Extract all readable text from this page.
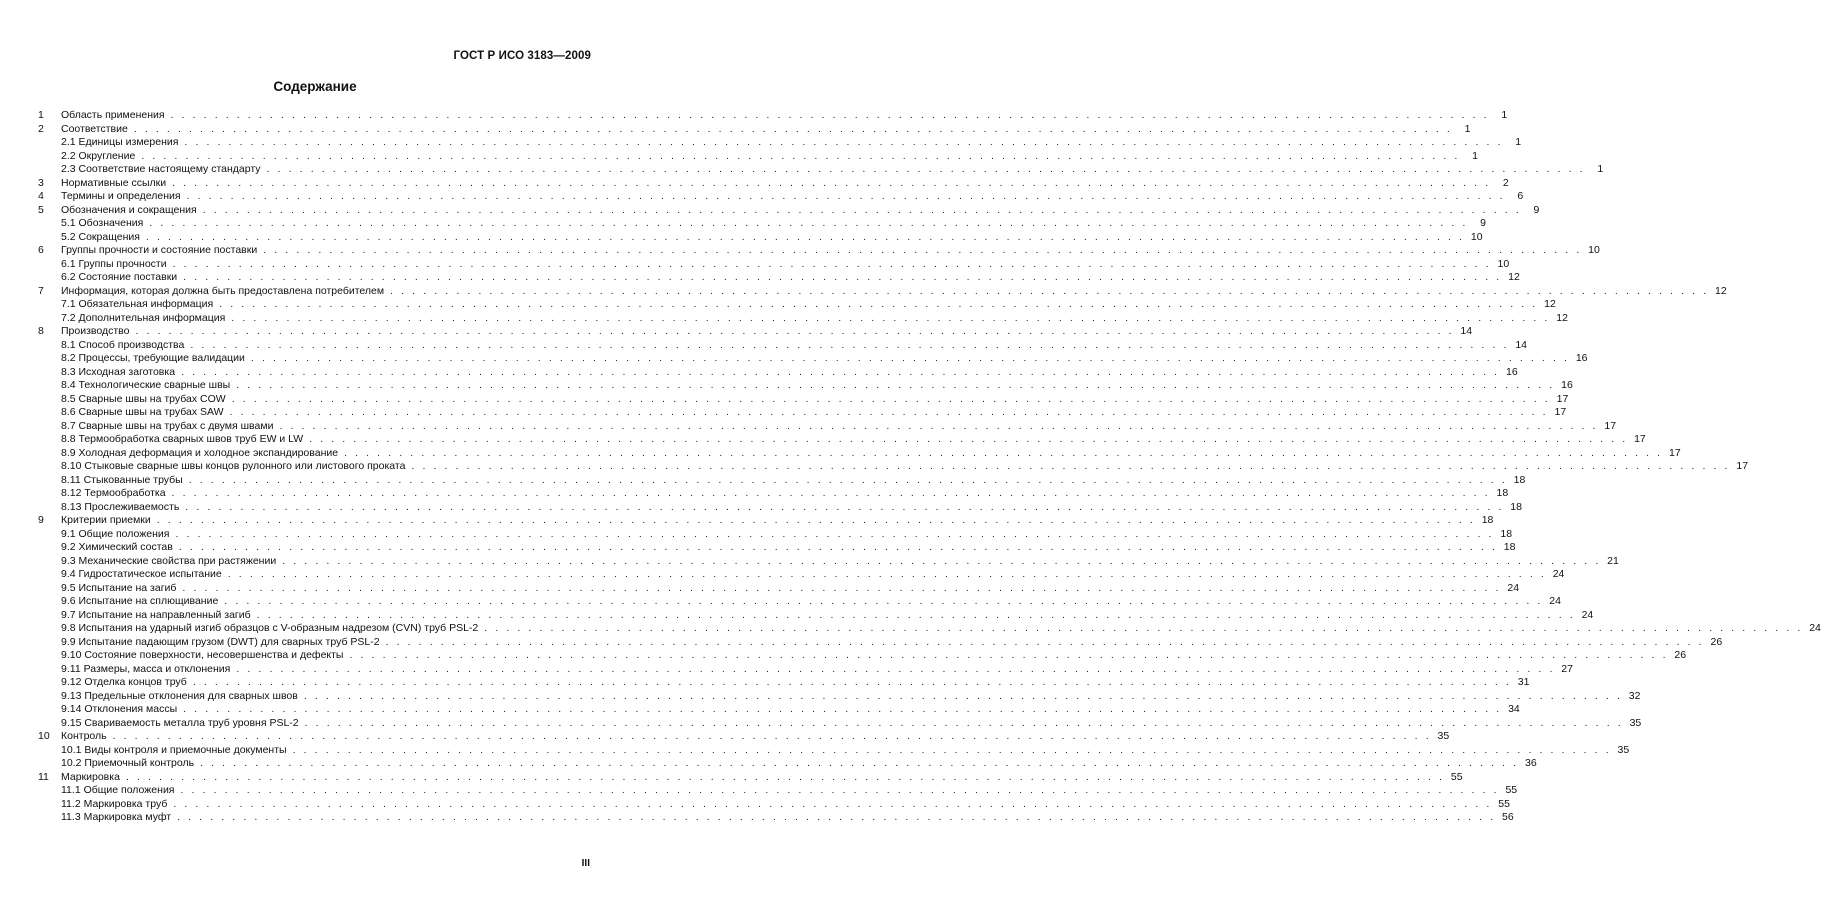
ГОСТ Р ИСО 3183—2009
Содержание
1	Область применения . . . . . . . . . . . . . . . . . . . . . . . . . . . . . . . . . . . . . . . . . . . . . . . . . . . . . . . . . . . . . . . . . . . . . . . . . . . . . . . . . . . . . . . . . . . . . . . . . . . . . . . . . . . . . . . . . . . . . . . .	1
2	Соответствие . . . . . . . . . . . . . . . . . . . . . . . . . . . . . . . . . . . . . . . . . . . . . . . . . . . . . . . . . . . . . . . . . . . . . . . . . . . . . . . . . . . . . . . . . . . . . . . . . . . . . . . . . . . . . . . . . . . . . . . .	1
2.1 Единицы измерения . . . . . . . . . . . . . . . . . . . . . . . . . . . . . . . . . . . . . . . . . . . . . . . . . . . . . . . . . . . . . . . . . . . . . . . . . . . . . . . . . . . . . . . . . . . . . . . . . . . . . . . . . . . . . . . . . . . . . . . .	1
2.2 Округление . . . . . . . . . . . . . . . . . . . . . . . . . . . . . . . . . . . . . . . . . . . . . . . . . . . . . . . . . . . . . . . . . . . . . . . . . . . . . . . . . . . . . . . . . . . . . . . . . . . . . . . . . . . . . . . . . . . . . . . .	1
2.3 Соответствие настоящему стандарту . . . . . . . . . . . . . . . . . . . . . . . . . . . . . . . . . . . . . . . . . . . . . . . . . . . . . . . . . . . . . . . . . . . . . . . . . . . . . . . . . . . . . . . . . . . . . . . . . . . . . . . . . . . . . . . . . . . . . . . .	1
3	Нормативные ссылки . . . . . . . . . . . . . . . . . . . . . . . . . . . . . . . . . . . . . . . . . . . . . . . . . . . . . . . . . . . . . . . . . . . . . . . . . . . . . . . . . . . . . . . . . . . . . . . . . . . . . . . . . . . . . . . . . . . . . . . .	2
4	Термины и определения . . . . . . . . . . . . . . . . . . . . . . . . . . . . . . . . . . . . . . . . . . . . . . . . . . . . . . . . . . . . . . . . . . . . . . . . . . . . . . . . . . . . . . . . . . . . . . . . . . . . . . . . . . . . . . . . . . . . . . . .	6
5	Обозначения и сокращения . . . . . . . . . . . . . . . . . . . . . . . . . . . . . . . . . . . . . . . . . . . . . . . . . . . . . . . . . . . . . . . . . . . . . . . . . . . . . . . . . . . . . . . . . . . . . . . . . . . . . . . . . . . . . . . . . . . . . . . .	9
5.1 Обозначения . . . . . . . . . . . . . . . . . . . . . . . . . . . . . . . . . . . . . . . . . . . . . . . . . . . . . . . . . . . . . . . . . . . . . . . . . . . . . . . . . . . . . . . . . . . . . . . . . . . . . . . . . . . . . . . . . . . . . . . .	9
5.2 Сокращения . . . . . . . . . . . . . . . . . . . . . . . . . . . . . . . . . . . . . . . . . . . . . . . . . . . . . . . . . . . . . . . . . . . . . . . . . . . . . . . . . . . . . . . . . . . . . . . . . . . . . . . . . . . . . . . . . . . . . . . . 10
6	Группы прочности и состояние поставки . . . . . . . . . . . . . . . . . . . . . . . . . . . . . . . . . . . . . . . . . . . . . . . . . . . . . . . . . . . . . . . . . . . . . . . . . . . . . . . . . . . . . . . . . . . . . . . . . . . . . . . . . . . . . . . . . . . . . . . . 10
6.1 Группы прочности . . . . . . . . . . . . . . . . . . . . . . . . . . . . . . . . . . . . . . . . . . . . . . . . . . . . . . . . . . . . . . . . . . . . . . . . . . . . . . . . . . . . . . . . . . . . . . . . . . . . . . . . . . . . . . . . . . . . . . . . 10
6.2 Состояние поставки . . . . . . . . . . . . . . . . . . . . . . . . . . . . . . . . . . . . . . . . . . . . . . . . . . . . . . . . . . . . . . . . . . . . . . . . . . . . . . . . . . . . . . . . . . . . . . . . . . . . . . . . . . . . . . . . . . . . . . . . 12
7	Информация, которая должна быть предоставлена потребителем . . . . . . . . . . . . . . . . . . . . . . . . . . . . . . . . . . . . . . . . . . . . . . . . . . . . . . . . . . . . . . . . . . . . . . . . . . . . . . . . . . . . . . . . . . . . . . . . . . . . . . . . . . . . . . . . . . . . . . . . 12
7.1 Обязательная информация . . . . . . . . . . . . . . . . . . . . . . . . . . . . . . . . . . . . . . . . . . . . . . . . . . . . . . . . . . . . . . . . . . . . . . . . . . . . . . . . . . . . . . . . . . . . . . . . . . . . . . . . . . . . . . . . . . . . . . . . 12
7.2 Дополнительная информация . . . . . . . . . . . . . . . . . . . . . . . . . . . . . . . . . . . . . . . . . . . . . . . . . . . . . . . . . . . . . . . . . . . . . . . . . . . . . . . . . . . . . . . . . . . . . . . . . . . . . . . . . . . . . . . . . . . . . . . . 12
8	Производство . . . . . . . . . . . . . . . . . . . . . . . . . . . . . . . . . . . . . . . . . . . . . . . . . . . . . . . . . . . . . . . . . . . . . . . . . . . . . . . . . . . . . . . . . . . . . . . . . . . . . . . . . . . . . . . . . . . . . . . . 14
8.1 Способ производства . . . . . . . . . . . . . . . . . . . . . . . . . . . . . . . . . . . . . . . . . . . . . . . . . . . . . . . . . . . . . . . . . . . . . . . . . . . . . . . . . . . . . . . . . . . . . . . . . . . . . . . . . . . . . . . . . . . . . . . . 14
8.2 Процессы, требующие валидации . . . . . . . . . . . . . . . . . . . . . . . . . . . . . . . . . . . . . . . . . . . . . . . . . . . . . . . . . . . . . . . . . . . . . . . . . . . . . . . . . . . . . . . . . . . . . . . . . . . . . . . . . . . . . . . . . . . . . . . . 16
8.3 Исходная заготовка . . . . . . . . . . . . . . . . . . . . . . . . . . . . . . . . . . . . . . . . . . . . . . . . . . . . . . . . . . . . . . . . . . . . . . . . . . . . . . . . . . . . . . . . . . . . . . . . . . . . . . . . . . . . . . . . . . . . . . . . 16
8.4 Технологические сварные швы . . . . . . . . . . . . . . . . . . . . . . . . . . . . . . . . . . . . . . . . . . . . . . . . . . . . . . . . . . . . . . . . . . . . . . . . . . . . . . . . . . . . . . . . . . . . . . . . . . . . . . . . . . . . . . . . . . . . . . . . 16
8.5 Сварные швы на трубах COW . . . . . . . . . . . . . . . . . . . . . . . . . . . . . . . . . . . . . . . . . . . . . . . . . . . . . . . . . . . . . . . . . . . . . . . . . . . . . . . . . . . . . . . . . . . . . . . . . . . . . . . . . . . . . . . . . . . . . . . . 17
8.6 Сварные швы на трубах SAW . . . . . . . . . . . . . . . . . . . . . . . . . . . . . . . . . . . . . . . . . . . . . . . . . . . . . . . . . . . . . . . . . . . . . . . . . . . . . . . . . . . . . . . . . . . . . . . . . . . . . . . . . . . . . . . . . . . . . . . . 17
8.7 Сварные швы на трубах с двумя швами . . . . . . . . . . . . . . . . . . . . . . . . . . . . . . . . . . . . . . . . . . . . . . . . . . . . . . . . . . . . . . . . . . . . . . . . . . . . . . . . . . . . . . . . . . . . . . . . . . . . . . . . . . . . . . . . . . . . . . . . 17
8.8 Термообработка сварных швов труб EW и LW . . . . . . . . . . . . . . . . . . . . . . . . . . . . . . . . . . . . . . . . . . . . . . . . . . . . . . . . . . . . . . . . . . . . . . . . . . . . . . . . . . . . . . . . . . . . . . . . . . . . . . . . . . . . . . . . . . . . . . . . 17
8.9 Холодная деформация и холодное экспандирование . . . . . . . . . . . . . . . . . . . . . . . . . . . . . . . . . . . . . . . . . . . . . . . . . . . . . . . . . . . . . . . . . . . . . . . . . . . . . . . . . . . . . . . . . . . . . . . . . . . . . . . . . . . . . . . . . . . . . . . . 17
8.10 Стыковые сварные швы концов рулонного или листового проката . . . . . . . . . . . . . . . . . . . . . . . . . . . . . . . . . . . . . . . . . . . . . . . . . . . . . . . . . . . . . . . . . . . . . . . . . . . . . . . . . . . . . . . . . . . . . . . . . . . . . . . . . . . . . . . . . . . . . . . . 17
8.11 Стыкованные трубы . . . . . . . . . . . . . . . . . . . . . . . . . . . . . . . . . . . . . . . . . . . . . . . . . . . . . . . . . . . . . . . . . . . . . . . . . . . . . . . . . . . . . . . . . . . . . . . . . . . . . . . . . . . . . . . . . . . . . . . . 18
8.12 Термообработка . . . . . . . . . . . . . . . . . . . . . . . . . . . . . . . . . . . . . . . . . . . . . . . . . . . . . . . . . . . . . . . . . . . . . . . . . . . . . . . . . . . . . . . . . . . . . . . . . . . . . . . . . . . . . . . . . . . . . . . . 18
8.13 Прослеживаемость . . . . . . . . . . . . . . . . . . . . . . . . . . . . . . . . . . . . . . . . . . . . . . . . . . . . . . . . . . . . . . . . . . . . . . . . . . . . . . . . . . . . . . . . . . . . . . . . . . . . . . . . . . . . . . . . . . . . . . . . 18
9	Критерии приемки . . . . . . . . . . . . . . . . . . . . . . . . . . . . . . . . . . . . . . . . . . . . . . . . . . . . . . . . . . . . . . . . . . . . . . . . . . . . . . . . . . . . . . . . . . . . . . . . . . . . . . . . . . . . . . . . . . . . . . . . 18
9.1 Общие положения . . . . . . . . . . . . . . . . . . . . . . . . . . . . . . . . . . . . . . . . . . . . . . . . . . . . . . . . . . . . . . . . . . . . . . . . . . . . . . . . . . . . . . . . . . . . . . . . . . . . . . . . . . . . . . . . . . . . . . . . 18
9.2 Химический состав . . . . . . . . . . . . . . . . . . . . . . . . . . . . . . . . . . . . . . . . . . . . . . . . . . . . . . . . . . . . . . . . . . . . . . . . . . . . . . . . . . . . . . . . . . . . . . . . . . . . . . . . . . . . . . . . . . . . . . . . 18
9.3 Механические свойства при растяжении . . . . . . . . . . . . . . . . . . . . . . . . . . . . . . . . . . . . . . . . . . . . . . . . . . . . . . . . . . . . . . . . . . . . . . . . . . . . . . . . . . . . . . . . . . . . . . . . . . . . . . . . . . . . . . . . . . . . . . . . 21
9.4 Гидростатическое испытание . . . . . . . . . . . . . . . . . . . . . . . . . . . . . . . . . . . . . . . . . . . . . . . . . . . . . . . . . . . . . . . . . . . . . . . . . . . . . . . . . . . . . . . . . . . . . . . . . . . . . . . . . . . . . . . . . . . . . . . . 24
9.5 Испытание на загиб . . . . . . . . . . . . . . . . . . . . . . . . . . . . . . . . . . . . . . . . . . . . . . . . . . . . . . . . . . . . . . . . . . . . . . . . . . . . . . . . . . . . . . . . . . . . . . . . . . . . . . . . . . . . . . . . . . . . . . . . 24
9.6 Испытание на сплющивание . . . . . . . . . . . . . . . . . . . . . . . . . . . . . . . . . . . . . . . . . . . . . . . . . . . . . . . . . . . . . . . . . . . . . . . . . . . . . . . . . . . . . . . . . . . . . . . . . . . . . . . . . . . . . . . . . . . . . . . . 24
9.7 Испытание на направленный загиб . . . . . . . . . . . . . . . . . . . . . . . . . . . . . . . . . . . . . . . . . . . . . . . . . . . . . . . . . . . . . . . . . . . . . . . . . . . . . . . . . . . . . . . . . . . . . . . . . . . . . . . . . . . . . . . . . . . . . . . . 24
9.8 Испытания на ударный изгиб образцов с V-образным надрезом (CVN) труб PSL-2 . . . . . . . . . . . . . . . . . . . . . . . . . . . . . . . . . . . . . . . . . . . . . . . . . . . . . . . . . . . . . . . . . . . . . . . . . . . . . . . . . . . . . . . . . . . . . . . . . . . . . . . . . . . . . . . . . . . . . . . . 24
9.9 Испытание падающим грузом (DWT) для сварных труб PSL-2 . . . . . . . . . . . . . . . . . . . . . . . . . . . . . . . . . . . . . . . . . . . . . . . . . . . . . . . . . . . . . . . . . . . . . . . . . . . . . . . . . . . . . . . . . . . . . . . . . . . . . . . . . . . . . . . . . . . . . . . . 26
9.10 Состояние поверхности, несовершенства и дефекты . . . . . . . . . . . . . . . . . . . . . . . . . . . . . . . . . . . . . . . . . . . . . . . . . . . . . . . . . . . . . . . . . . . . . . . . . . . . . . . . . . . . . . . . . . . . . . . . . . . . . . . . . . . . . . . . . . . . . . . . 26
9.11 Размеры, масса и отклонения . . . . . . . . . . . . . . . . . . . . . . . . . . . . . . . . . . . . . . . . . . . . . . . . . . . . . . . . . . . . . . . . . . . . . . . . . . . . . . . . . . . . . . . . . . . . . . . . . . . . . . . . . . . . . . . . . . . . . . . . 27
9.12 Отделка концов труб . . . . . . . . . . . . . . . . . . . . . . . . . . . . . . . . . . . . . . . . . . . . . . . . . . . . . . . . . . . . . . . . . . . . . . . . . . . . . . . . . . . . . . . . . . . . . . . . . . . . . . . . . . . . . . . . . . . . . . . . 31
9.13 Предельные отклонения для сварных швов . . . . . . . . . . . . . . . . . . . . . . . . . . . . . . . . . . . . . . . . . . . . . . . . . . . . . . . . . . . . . . . . . . . . . . . . . . . . . . . . . . . . . . . . . . . . . . . . . . . . . . . . . . . . . . . . . . . . . . . . 32
9.14 Отклонения массы . . . . . . . . . . . . . . . . . . . . . . . . . . . . . . . . . . . . . . . . . . . . . . . . . . . . . . . . . . . . . . . . . . . . . . . . . . . . . . . . . . . . . . . . . . . . . . . . . . . . . . . . . . . . . . . . . . . . . . . . 34
9.15 Свариваемость металла труб уровня PSL-2 . . . . . . . . . . . . . . . . . . . . . . . . . . . . . . . . . . . . . . . . . . . . . . . . . . . . . . . . . . . . . . . . . . . . . . . . . . . . . . . . . . . . . . . . . . . . . . . . . . . . . . . . . . . . . . . . . . . . . . . . 35
10	Контроль . . . . . . . . . . . . . . . . . . . . . . . . . . . . . . . . . . . . . . . . . . . . . . . . . . . . . . . . . . . . . . . . . . . . . . . . . . . . . . . . . . . . . . . . . . . . . . . . . . . . . . . . . . . . . . . . . . . . . . . . 35
10.1 Виды контроля и приемочные документы . . . . . . . . . . . . . . . . . . . . . . . . . . . . . . . . . . . . . . . . . . . . . . . . . . . . . . . . . . . . . . . . . . . . . . . . . . . . . . . . . . . . . . . . . . . . . . . . . . . . . . . . . . . . . . . . . . . . . . . . 35
10.2 Приемочный контроль . . . . . . . . . . . . . . . . . . . . . . . . . . . . . . . . . . . . . . . . . . . . . . . . . . . . . . . . . . . . . . . . . . . . . . . . . . . . . . . . . . . . . . . . . . . . . . . . . . . . . . . . . . . . . . . . . . . . . . . . 36
11	Маркировка . . . . . . . . . . . . . . . . . . . . . . . . . . . . . . . . . . . . . . . . . . . . . . . . . . . . . . . . . . . . . . . . . . . . . . . . . . . . . . . . . . . . . . . . . . . . . . . . . . . . . . . . . . . . . . . . . . . . . . . . 55
11.1 Общие положения . . . . . . . . . . . . . . . . . . . . . . . . . . . . . . . . . . . . . . . . . . . . . . . . . . . . . . . . . . . . . . . . . . . . . . . . . . . . . . . . . . . . . . . . . . . . . . . . . . . . . . . . . . . . . . . . . . . . . . . . 55
11.2 Маркировка труб . . . . . . . . . . . . . . . . . . . . . . . . . . . . . . . . . . . . . . . . . . . . . . . . . . . . . . . . . . . . . . . . . . . . . . . . . . . . . . . . . . . . . . . . . . . . . . . . . . . . . . . . . . . . . . . . . . . . . . . . 55
11.3 Маркировка муфт . . . . . . . . . . . . . . . . . . . . . . . . . . . . . . . . . . . . . . . . . . . . . . . . . . . . . . . . . . . . . . . . . . . . . . . . . . . . . . . . . . . . . . . . . . . . . . . . . . . . . . . . . . . . . . . . . . . . . . . . 56
III
